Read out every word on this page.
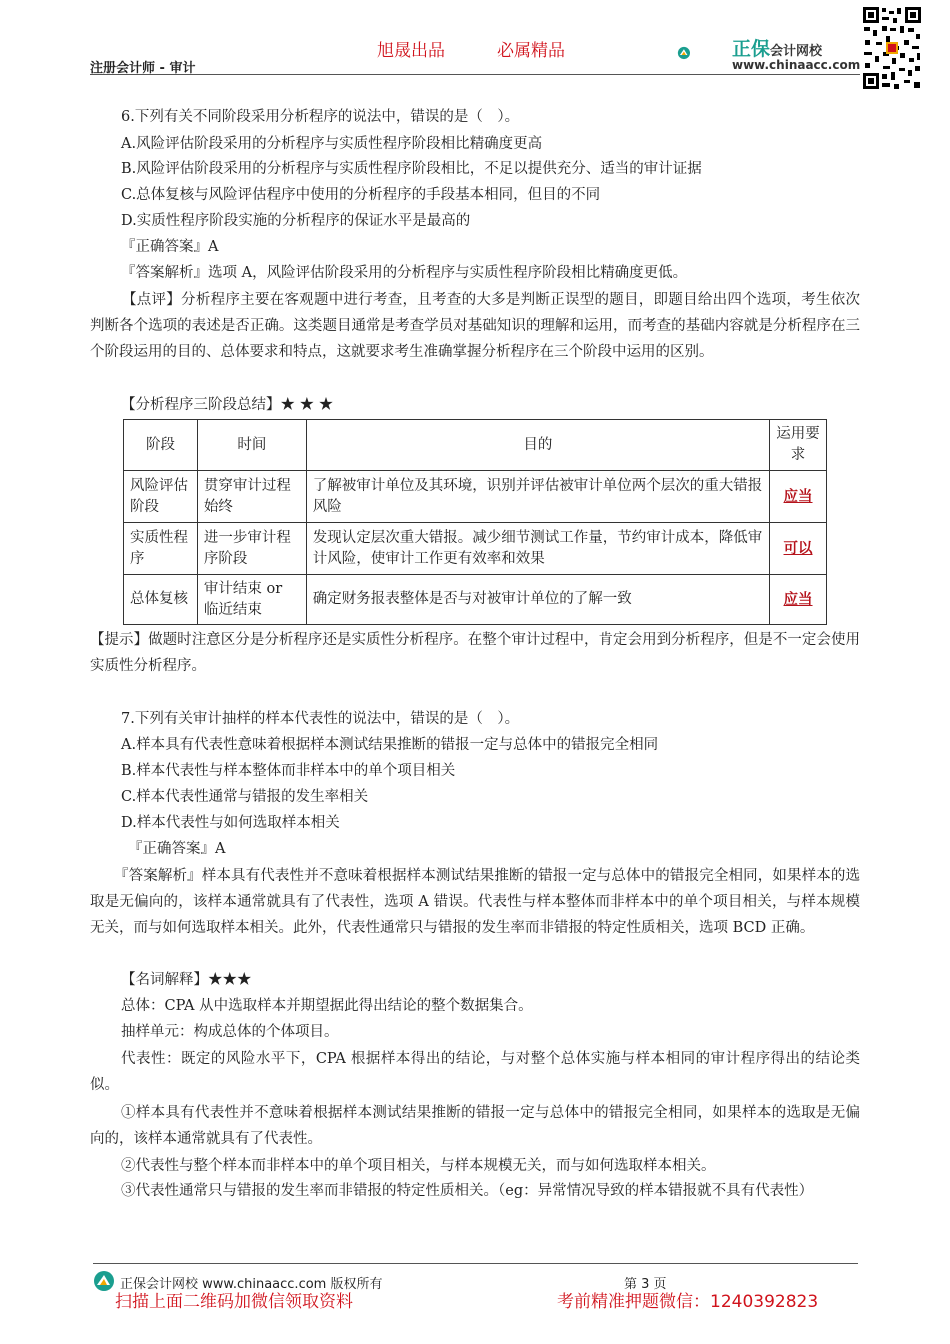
注册会计师 - 审计
旭晟出品	必属精品	正保会计网校
www.chinaacc.com
6.下列有关不同阶段采用分析程序的说法中，错误的是（　）。
A.风险评估阶段采用的分析程序与实质性程序阶段相比精确度更高
B.风险评估阶段采用的分析程序与实质性程序阶段相比，不足以提供充分、适当的审计证据
C.总体复核与风险评估程序中使用的分析程序的手段基本相同，但目的不同
D.实质性程序阶段实施的分析程序的保证水平是最高的
『正确答案』A
『答案解析』选项 A，风险评估阶段采用的分析程序与实质性程序阶段相比精确度更低。
【点评】分析程序主要在客观题中进行考查，且考查的大多是判断正误型的题目，即题目给出四个选项，考生依次判断各个选项的表述是否正确。这类题目通常是考查学员对基础知识的理解和运用，而考查的基础内容就是分析程序在三个阶段运用的目的、总体要求和特点，这就要求考生准确掌握分析程序在三个阶段中运用的区别。
【分析程序三阶段总结】★ ★ ★
阶段	时间	目的	运用要求
风险评估阶段	贯穿审计过程始终	了解被审计单位及其环境，识别并评估被审计单位两个层次的重大错报风险	应当
实质性程序	进一步审计程序阶段	发现认定层次重大错报。减少细节测试工作量，节约审计成本，降低审计风险，使审计工作更有效率和效果	可以
总体复核	审计结束 or 临近结束	确定财务报表整体是否与对被审计单位的了解一致	应当
【提示】做题时注意区分是分析程序还是实质性分析程序。在整个审计过程中，肯定会用到分析程序，但是不一定会使用实质性分析程序。
7.下列有关审计抽样的样本代表性的说法中，错误的是（　）。
A.样本具有代表性意味着根据样本测试结果推断的错报一定与总体中的错报完全相同
B.样本代表性与样本整体而非样本中的单个项目相关
C.样本代表性通常与错报的发生率相关
D.样本代表性与如何选取样本相关
『正确答案』A
『答案解析』样本具有代表性并不意味着根据样本测试结果推断的错报一定与总体中的错报完全相同，如果样本的选取是无偏向的，该样本通常就具有了代表性，选项 A 错误。代表性与样本整体而非样本中的单个项目相关，与样本规模无关，而与如何选取样本相关。此外，代表性通常只与错报的发生率而非错报的特定性质相关，选项 BCD 正确。
【名词解释】★★★
总体：CPA 从中选取样本并期望据此得出结论的整个数据集合。
抽样单元：构成总体的个体项目。
代表性：既定的风险水平下，CPA 根据样本得出的结论，与对整个总体实施与样本相同的审计程序得出的结论类似。
①样本具有代表性并不意味着根据样本测试结果推断的错报一定与总体中的错报完全相同，如果样本的选取是无偏向的，该样本通常就具有了代表性。
②代表性与整个样本而非样本中的单个项目相关，与样本规模无关，而与如何选取样本相关。
③代表性通常只与错报的发生率而非错报的特定性质相关。（eg：异常情况导致的样本错报就不具有代表性）
正保会计网校 www.chinaacc.com 版权所有	第 3 页
扫描上面二维码加微信领取资料	考前精准押题微信：1240392823
